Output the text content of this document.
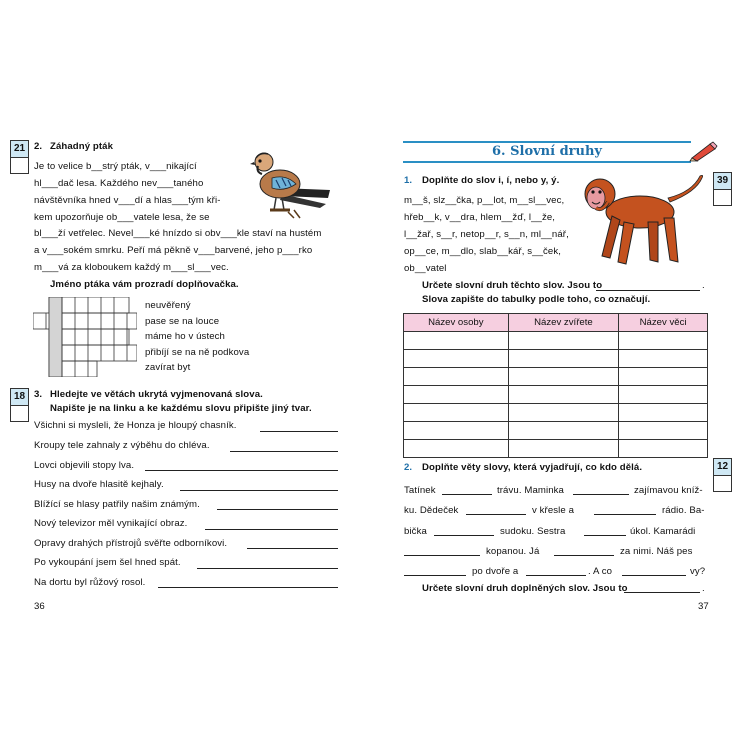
21 2. Záhadný pták
Je to velice b__strý pták, v___nikající
hl___dač lesa. Každého nev___taného
návštěvníka hned v___dí a hlas___tým kři-
kem upozorňuje ob___vatele lesa, že se
bl___ží vetřelec. Nevel___ké hnízdo si obv___kle staví na hustém
a v___sokém smrku. Peří má pěkně v___barvené, jeho p___rko
m___vá za kloboukem každý m___sl___vec.
Jméno ptáka vám prozradí doplňovačka.
neuvěřený
pase se na louce
máme ho v ústech
přibíjí se na ně podkova
zavírat byt
18 3. Hledejte ve větách ukrytá vyjmenovaná slova.
Napište je na linku a ke každému slovu připište jiný tvar.
Všichni si mysleli, že Honza je hloupý chasník.
Kroupy tele zahnaly z výběhu do chléva.
Lovci objevili stopy lva.
Husy na dvoře hlasitě kejhaly.
Blížící se hlasy patřily našim známým.
Nový televizor měl vynikající obraz.
Opravy drahých přístrojů svěřte odborníkovi.
Po vykoupání jsem šel hned spát.
Na dortu byl růžový rosol.
36
6. Slovní druhy
39
1. Doplňte do slov i, í, nebo y, ý.
m__š, slz__čka, p__lot, m__sl__vec,
hřeb__k, v__dra, hlem__žď, l__že,
l__žař, s__r, netop__r, s__n, ml__nář,
op__ce, m__dlo, slab__kář, s__ček,
ob__vatel
Určete slovní druh těchto slov. Jsou to	.
Slova zapište do tabulky podle toho, co označují.
Název osoby	Název zvířete	Název věci

12
2. Doplňte věty slovy, která vyjadřují, co kdo dělá.
Tatínek	trávu. Maminka	zajímavou kníž-
ku. Dědeček	v křesle a	rádio. Ba-
bička	sudoku. Sestra	úkol. Kamarádi
kopanou. Já	za nimi. Náš pes
po dvoře a	. A co	vy?
Určete slovní druh doplněných slov. Jsou to	.
37
